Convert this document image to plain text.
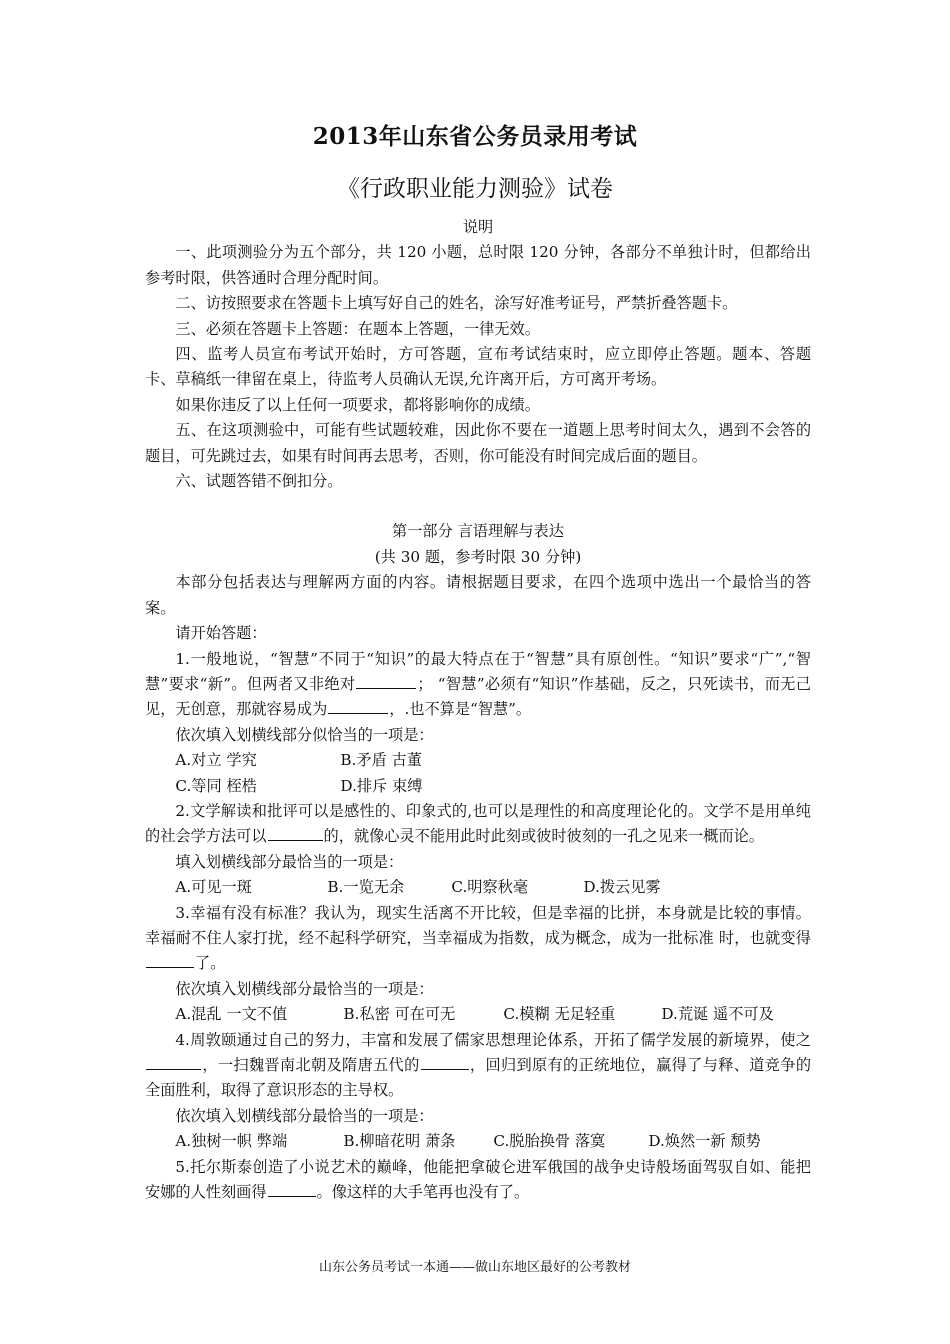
2013年山东省公务员录用考试
《行政职业能力测验》试卷

说明

一、此项测验分为五个部分，共 120 小题，总时限 120 分钟，各部分不单独计时，但都给出参考时限，供答通时合理分配时间。

二、访按照要求在答题卡上填写好自己的姓名，涂写好准考证号，严禁折叠答题卡。

三、必须在答题卡上答题：在题本上答题，一律无效。

四、监考人员宣布考试开始时，方可答题，宣布考试结束时，应立即停止答题。题本、答题卡、草稿纸一律留在桌上，待监考人员确认无误,允许离开后，方可离开考场。

如果你违反了以上任何一项要求，都将影响你的成绩。

五、在这项测验中，可能有些试题较难，因此你不要在一道题上思考时间太久，遇到不会答的题目，可先跳过去，如果有时间再去思考，否则，你可能没有时间完成后面的题目。

六、试题答错不倒扣分。

第一部分 言语理解与表达

(共 30 题，参考时限 30 分钟)

本部分包括表达与理解两方面的内容。请根据题目要求，在四个选项中选出一个最恰当的答案。

请开始答题：

1.一般地说，“智慧”不同于“知识”的最大特点在于“智慧”具有原创性。“知识”要求“广”,“智慧”要求“新”。但两者又非绝对	； “智慧”必须有“知识”作基础，反之，只死读书，而无己见，无创意，那就容易成为	，.也不算是“智慧”。

依次填入划横线部分似恰当的一项是：

A.对立 学究	B.矛盾 古董

C.等同 桎梏	D.排斥 束缚

2.文学解读和批评可以是感性的、印象式的,也可以是理性的和高度理论化的。文学不是用单纯的社会学方法可以	的，就像心灵不能用此时此刻或彼时彼刻的一孔之见来一概而论。

填入划横线部分最恰当的一项是：

A.可见一斑	B.一览无余	C.明察秋毫	D.拨云见雾

3.幸福有没有标准？我认为，现实生活离不开比较，但是幸福的比拼，本身就是比较的事情。幸福耐不住人家打扰，经不起科学研究，当幸福成为指数，成为概念，成为一批标准 时，也就变得了。

依次填入划横线部分最恰当的一项是：

A.混乱 一文不值	B.私密 可在可无	C.模糊 无足轻重	D.荒诞 遥不可及

4.周敦颐通过自己的努力，丰富和发展了儒家思想理论体系，开拓了儒学发展的新境界，使之，一扫魏晋南北朝及隋唐五代的	，回归到原有的正统地位，赢得了与释、道竞争的全面胜利，取得了意识形态的主导权。

依次填入划横线部分最恰当的一项是：

A.独树一帜 弊端	B.柳暗花明 萧条	C.脱胎换骨 落寞	D.焕然一新 颓势

5.托尔斯泰创造了小说艺术的巅峰，他能把拿破仑进军俄国的战争史诗般场面驾驭自如、能把安娜的人性刻画得	。像这样的大手笔再也没有了。

山东公务员考试一本通——做山东地区最好的公考教材
